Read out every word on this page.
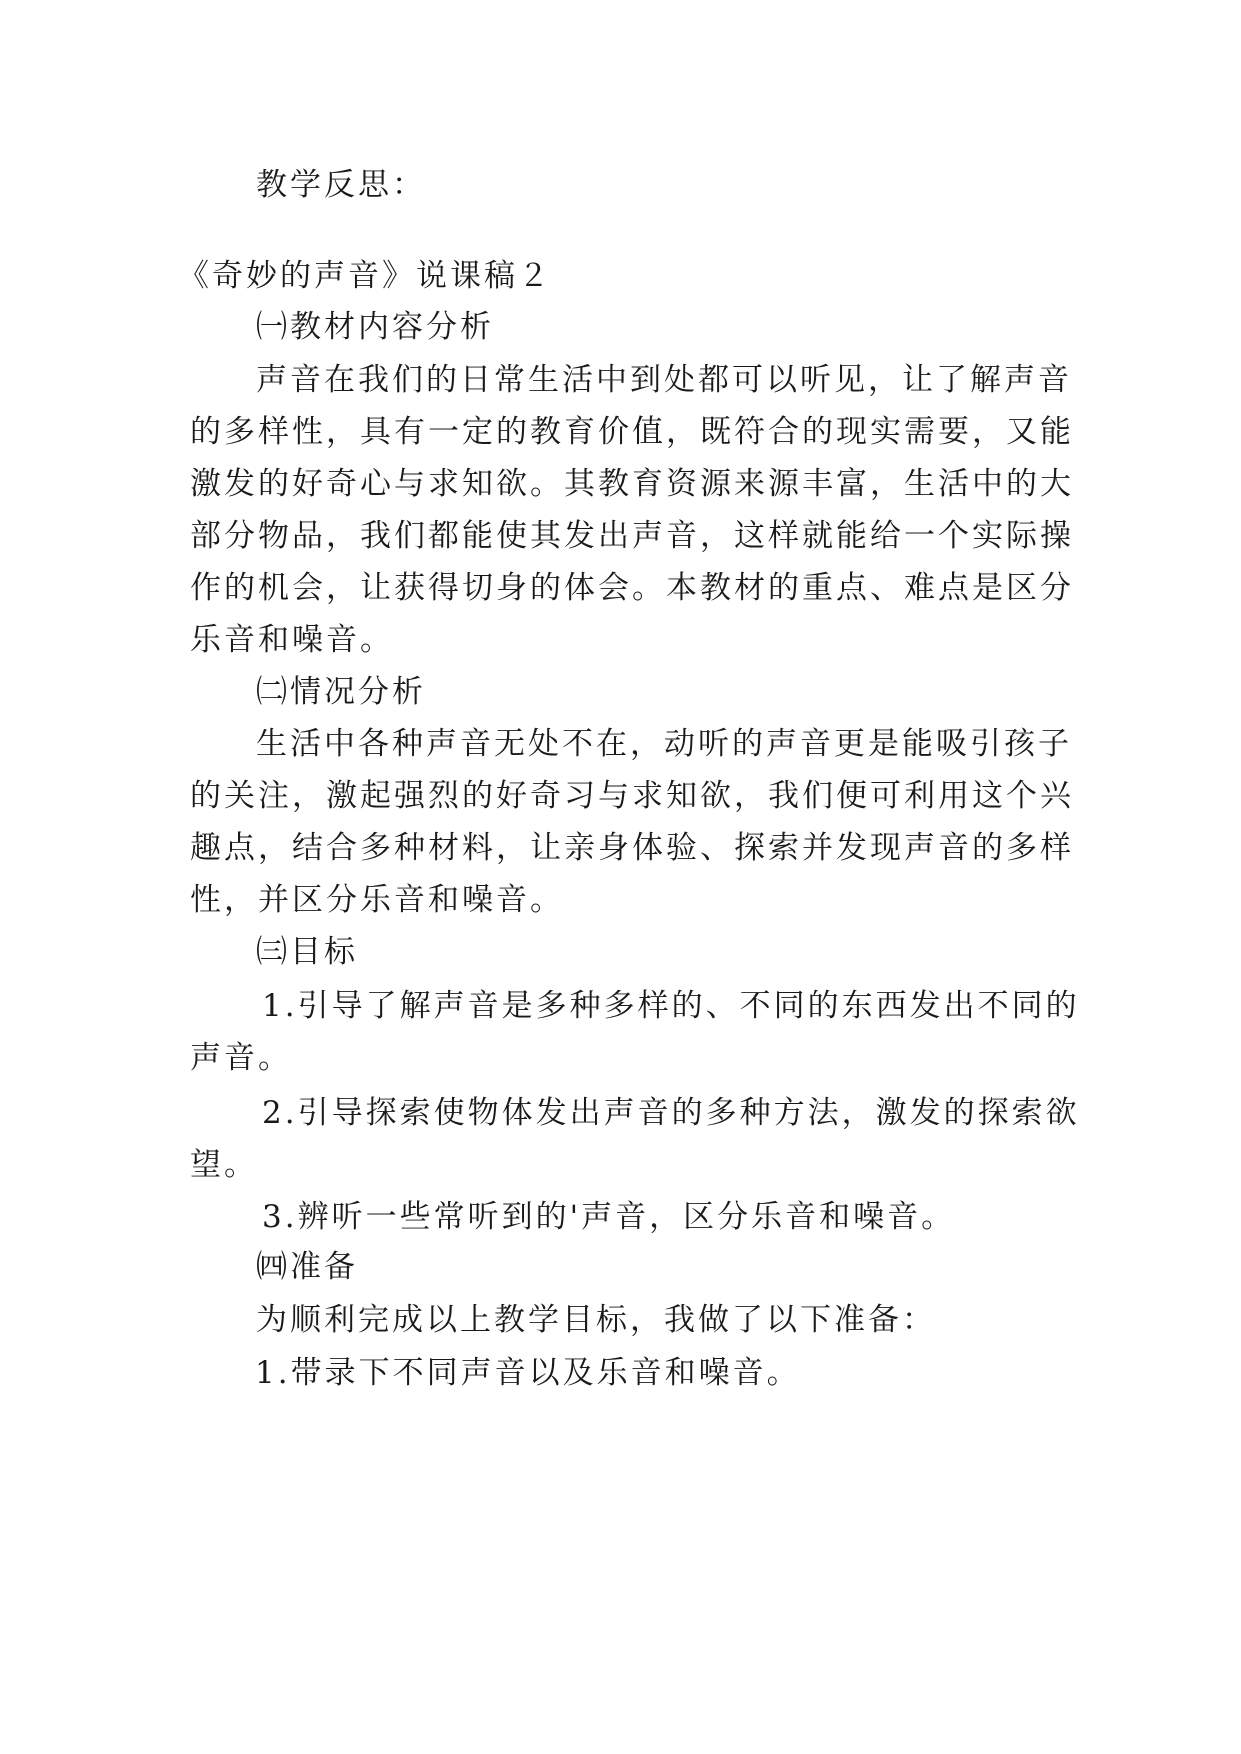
教学反思：
《奇妙的声音》说课稿２
㈠教材内容分析
声音在我们的日常生活中到处都可以听见，让了解声音
的多样性，具有一定的教育价值，既符合的现实需要，又能
激发的好奇心与求知欲。其教育资源来源丰富，生活中的大
部分物品，我们都能使其发出声音，这样就能给一个实际操
作的机会，让获得切身的体会。本教材的重点、难点是区分
乐音和噪音。
㈡情况分析
生活中各种声音无处不在，动听的声音更是能吸引孩子
的关注，激起强烈的好奇习与求知欲，我们便可利用这个兴
趣点，结合多种材料，让亲身体验、探索并发现声音的多样
性，并区分乐音和噪音。
㈢目标
1.引导了解声音是多种多样的、不同的东西发出不同的
声音。
2.引导探索使物体发出声音的多种方法，激发的探索欲
望。
3.辨听一些常听到的'声音，区分乐音和噪音。
㈣准备
为顺利完成以上教学目标，我做了以下准备：
1.带录下不同声音以及乐音和噪音。
